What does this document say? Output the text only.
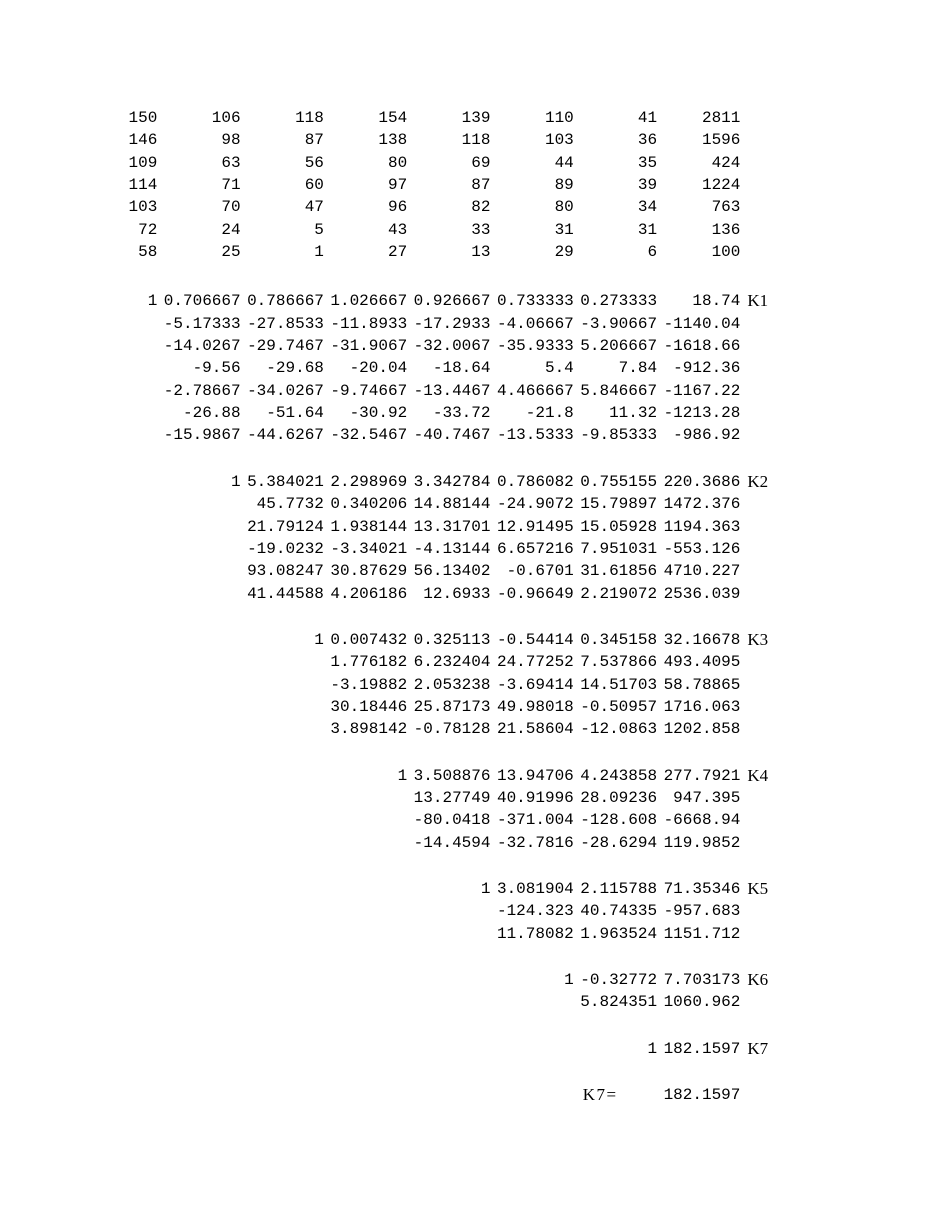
150	106	118	154	139	110	41	2811
146	98	87	138	118	103	36	1596
109	63	56	80	69	44	35	424
114	71	60	97	87	89	39	1224
103	70	47	96	82	80	34	763
72	24	5	43	33	31	31	136
58	25	1	27	13	29	6	100
1 0.706667 0.786667 1.026667 0.926667 0.733333 0.273333	18.74 K1
-5.17333 -27.8533 -11.8933 -17.2933 -4.06667 -3.90667 -1140.04
-14.0267 -29.7467 -31.9067 -32.0067 -35.9333 5.206667 -1618.66
-9.56	-29.68	-20.04	-18.64	5.4	7.84	-912.36
-2.78667 -34.0267 -9.74667 -13.4467 4.466667 5.846667 -1167.22
-26.88	-51.64	-30.92	-33.72	-21.8	11.32 -1213.28
-15.9867 -44.6267 -32.5467 -40.7467 -13.5333 -9.85333	-986.92
1 5.384021 2.298969 3.342784 0.786082 0.755155 220.3686 K2
45.7732 0.340206 14.88144 -24.9072 15.79897 1472.376
21.79124 1.938144 13.31701 12.91495 15.05928 1194.363
-19.0232 -3.34021 -4.13144 6.657216 7.951031 -553.126
93.08247 30.87629 56.13402	-0.6701 31.61856 4710.227
41.44588 4.206186	12.6933 -0.96649 2.219072 2536.039
1 0.007432 0.325113 -0.54414 0.345158 32.16678 K3
1.776182 6.232404 24.77252 7.537866 493.4095
-3.19882 2.053238 -3.69414 14.51703 58.78865
30.18446 25.87173 49.98018 -0.50957 1716.063
3.898142 -0.78128 21.58604 -12.0863 1202.858
1 3.508876 13.94706 4.243858 277.7921 K4
13.27749 40.91996 28.09236	947.395
-80.0418 -371.004 -128.608 -6668.94
-14.4594 -32.7816 -28.6294 119.9852
1 3.081904 2.115788 71.35346 K5
-124.323 40.74335 -957.683
11.78082 1.963524 1151.712
1 -0.32772 7.703173 K6
5.824351 1060.962
1 182.1597 K7
K7=	182.1597
